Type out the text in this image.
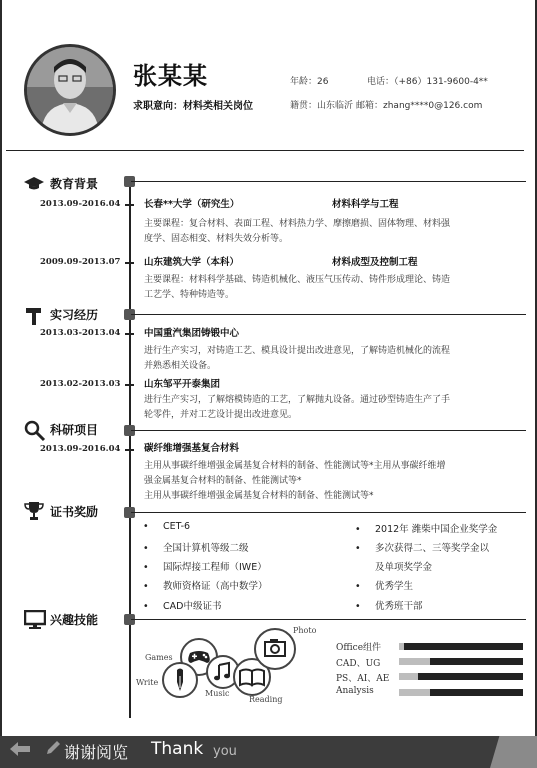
张某某
求职意向：材料类相关岗位
年龄：26	电话：（+86）131-9600-4**
籍贯：山东临沂 邮箱：zhang****0@126.com
教育背景
2013.09-2016.04 长春**大学（研究生）	材料科学与工程
主要课程：复合材料、表面工程、材料热力学、摩擦磨损、固体物理、材料强
度学、固态相变、材料失效分析等。
2009.09-2013.07 山东建筑大学（本科）	材料成型及控制工程
主要课程：材料科学基础、铸造机械化、液压气压传动、铸件形成理论、铸造
工艺学、特种铸造等。
实习经历
2013.03-2013.04 中国重汽集团铸锻中心
进行生产实习，对铸造工艺、模具设计提出改进意见，了解铸造机械化的流程
并熟悉相关设备。
2013.02-2013.03 山东邹平开泰集团
进行生产实习，了解熔模铸造的工艺，了解抛丸设备。通过砂型铸造生产了手
轮零件，并对工艺设计提出改进意见。
科研项目
2013.09-2016.04 碳纤维增强基复合材料
主用从事碳纤维增强金属基复合材料的制备、性能测试等*主用从事碳纤维增
强金属基复合材料的制备、性能测试等*
主用从事碳纤维增强金属基复合材料的制备、性能测试等*
证书奖励
• CET-6
• 全国计算机等级二级
• 国际焊接工程师（IWE）
• 教师资格证（高中数学）
• CAD中级证书
• 2012年 潍柴中国企业奖学金
• 多次获得二、三等奖学金以
及单项奖学金
• 优秀学生
• 优秀班干部
兴趣技能
Photo
Games
Write
Music
Reading
Office组件
CAD、UG
PS、AI、AE
Analysis
谢谢阅览 Thank you
